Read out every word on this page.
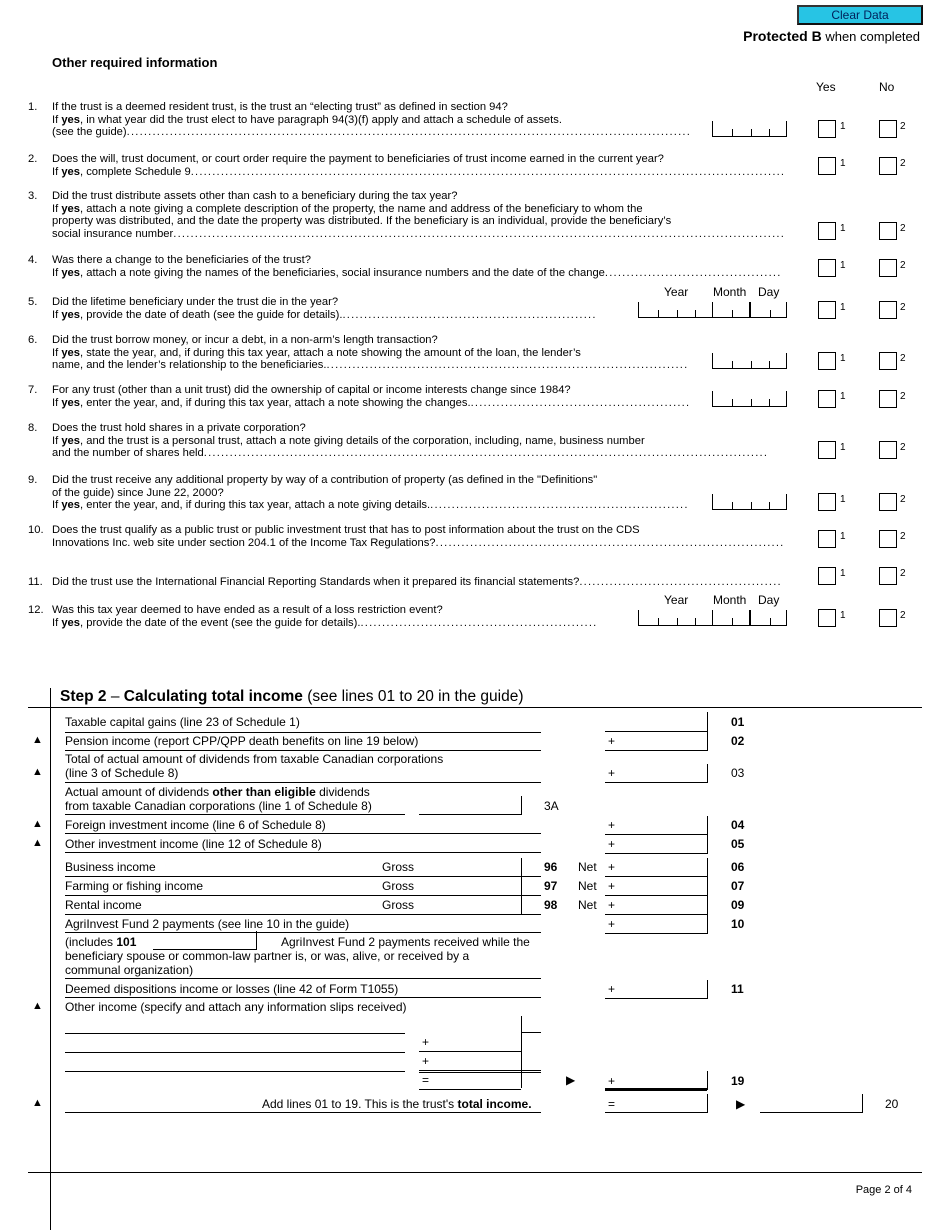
Clear Data
Protected B when completed
Other required information
Yes	No
1.	If the trust is a deemed resident trust, is the trust an “electing trust” as defined in section 94?
If yes, in what year did the trust elect to have paragraph 94(3)(f) apply and attach a schedule of assets.
(see the guide)...................................................................................................................................	1	2
2.	Does the will, trust document, or court order require the payment to beneficiaries of trust income earned in the current year?
If yes, complete Schedule 9..........................................................................................................................................
1	2
3.	Did the trust distribute assets other than cash to a beneficiary during the tax year?
If yes, attach a note giving a complete description of the property, the name and address of the beneficiary to whom the
property was distributed, and the date the property was distributed. If the beneficiary is an individual, provide the beneficiary’s
social insurance number..............................................................................................................................................	1	2
4.	Was there a change to the beneficiaries of the trust?
If yes, attach a note giving the names of the beneficiaries, social insurance numbers and the date of the change.........................................
1	2
5.	Did the lifetime beneficiary under the trust die in the year?
If yes, provide the date of death (see the guide for details)............................................................
1	2
Year Month Day
6.	Did the trust borrow money, or incur a debt, in a non-arm’s length transaction?
If yes, state the year, and, if during this tax year, attach a note showing the amount of the loan, the lender’s
name, and the lender’s relationship to the beneficiaries.....................................................................................
1	2
7.	For any trust (other than a unit trust) did the ownership of capital or income interests change since 1984?
If yes, enter the year, and, if during this tax year, attach a note showing the changes....................................................
1	2
8.	Does the trust hold shares in a private corporation?
If yes, and the trust is a personal trust, attach a note giving details of the corporation, including, name, business number
and the number of shares held...................................................................................................................................	1	2
9.	Did the trust receive any additional property by way of a contribution of property (as defined in the "Definitions"
of the guide) since June 22, 2000?
If yes, enter the year, and, if during this tax year, attach a note giving details.............................................................	1	2
10. Does the trust qualify as a public trust or public investment trust that has to post information about the trust on the CDS
Innovations Inc. web site under section 204.1 of the Income Tax Regulations?.................................................................................
1	2
11. Did the trust use the International Financial Reporting Standards when it prepared its financial statements?...............................................
1	2
12. Was this tax year deemed to have ended as a result of a loss restriction event?
If yes, provide the date of the event (see the guide for details)........................................................
1	2
Year Month Day
Step 2 – Calculating total income (see lines 01 to 20 in the guide)
Taxable capital gains (line 23 of Schedule 1)	01
▲ Pension income (report CPP/QPP death benefits on line 19 below)	+	02
▲
Total of actual amount of dividends from taxable Canadian corporations
(line 3 of Schedule 8)	+	03
Actual amount of dividends other than eligible dividends
from taxable Canadian corporations (line 1 of Schedule 8)	3A
▲ Foreign investment income (line 6 of Schedule 8)	+	04
▲ Other investment income (line 12 of Schedule 8)	+	05
Business income	Gross	96 Net +	06
Farming or fishing income	Gross	97 Net +	07
Rental income	Gross	98 Net +	09
AgriInvest Fund 2 payments (see line 10 in the guide)	+	10
(includes 101	AgriInvest Fund 2 payments received while the
beneficiary spouse or common-law partner is, or was, alive, or received by a
communal organization)
Deemed dispositions income or losses (line 42 of Form T1055)	+	11
▲ Other income (specify and attach any information slips received)
+
+
=	▶	+	19
▲	Add lines 01 to 19. This is the trust's total income.	=	▶	20
Page 2 of 4
